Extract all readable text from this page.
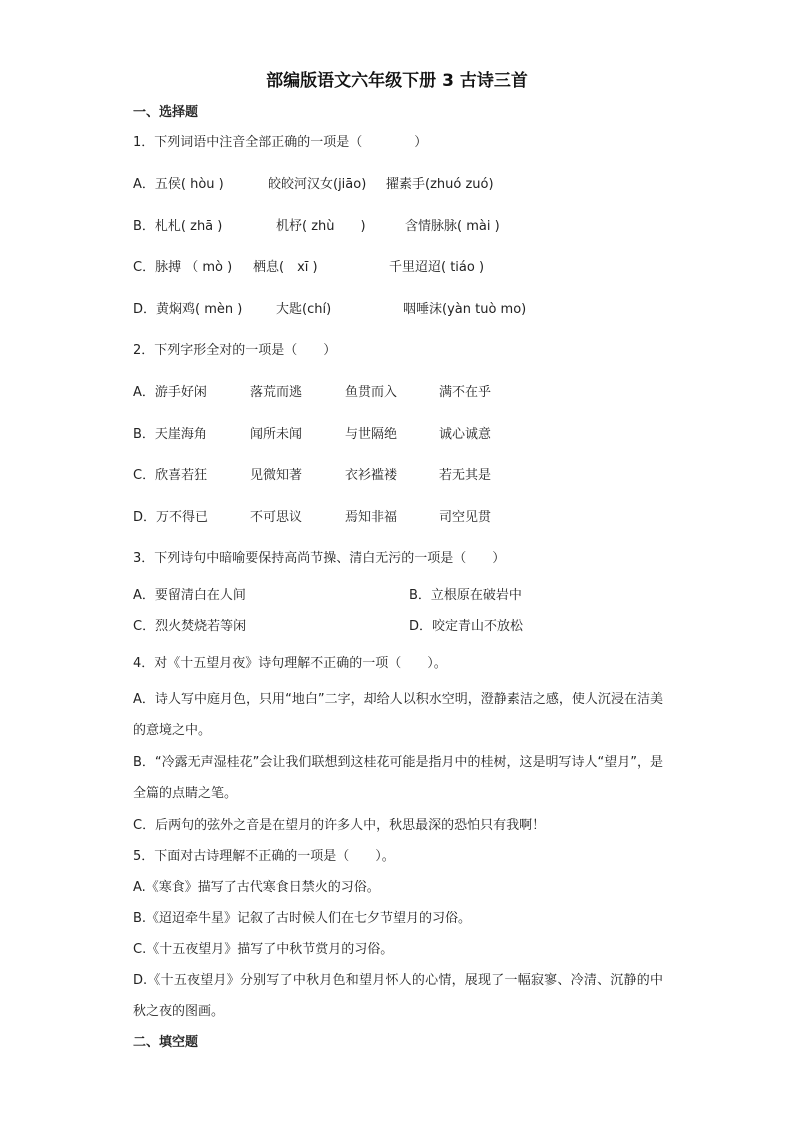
部编版语文六年级下册 3 古诗三首
一、选择题
1．下列词语中注音全部正确的一项是（　　　　）
A．五侯( hòu )	皎皎河汉女(jiāo) 擢素手(zhuó zuó)
B．札札( zhā )	机杼( zhù　　)	含情脉脉( mài )
C．脉搏 （ mò ) 栖息(　xī )	千里迢迢( tiáo )
D．黄焖鸡( mèn )	大匙(chí)	咽唾沫(yàn tuò mo)
2．下列字形全对的一项是（　　）
A．游手好闲	落荒而逃	鱼贯而入	满不在乎
B．天崖海角	闻所未闻	与世隔绝	诚心诚意
C．欣喜若狂	见微知著	衣衫褴褛	若无其是
D．万不得已	不可思议	焉知非福	司空见贯
3．下列诗句中暗喻要保持高尚节操、清白无污的一项是（　　）
A．要留清白在人间	B．立根原在破岩中
C．烈火焚烧若等闲	D．咬定青山不放松
4．对《十五望月夜》诗句理解不正确的一项（　　）。
A．诗人写中庭月色，只用“地白”二字，却给人以积水空明，澄静素洁之感，使人沉浸在洁美的意境之中。
B．“冷露无声湿桂花”会让我们联想到这桂花可能是指月中的桂树，这是明写诗人“望月”，是全篇的点睛之笔。
C．后两句的弦外之音是在望月的许多人中，秋思最深的恐怕只有我啊！
5．下面对古诗理解不正确的一项是（　　）。
A.《寒食》描写了古代寒食日禁火的习俗。
B.《迢迢牵牛星》记叙了古时候人们在七夕节望月的习俗。
C.《十五夜望月》描写了中秋节赏月的习俗。
D.《十五夜望月》分别写了中秋月色和望月怀人的心情，展现了一幅寂寥、冷清、沉静的中秋之夜的图画。
二、填空题
